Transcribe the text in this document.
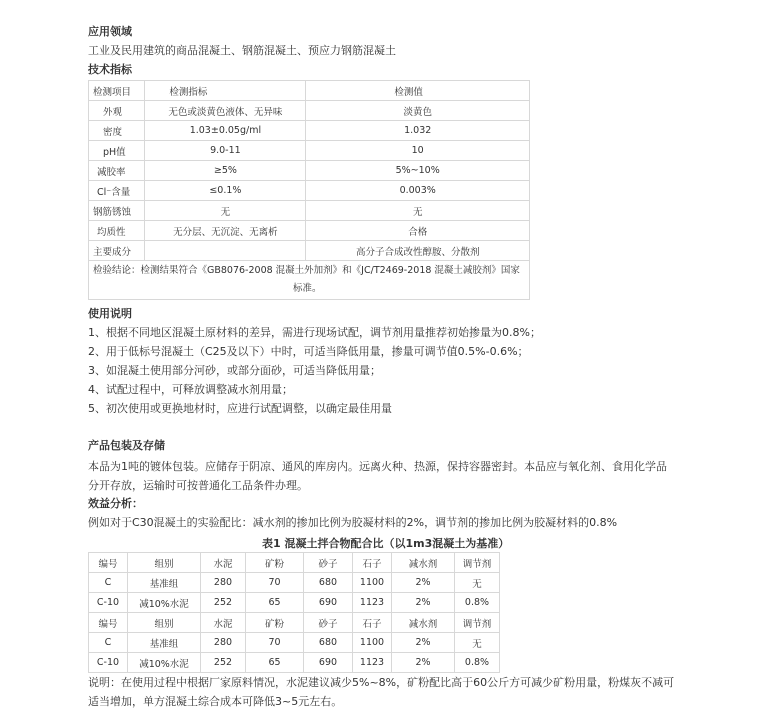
应用领域
工业及民用建筑的商品混凝土、钢筋混凝土、预应力钢筋混凝土
技术指标
检测项目	检测指标	检测值
外观	无色或淡黄色液体、无异味	淡黄色
密度	1.03±0.05g/ml	1.032
pH值	9.0-11	10
减胶率	≥5%	5%~10%
Cl⁻含量	≤0.1%	0.003%
钢筋锈蚀	无	无
均质性	无分层、无沉淀、无离析	合格
主要成分		高分子合成改性醇胺、分散剂

检验结论：检测结果符合《GB8076-2008 混凝土外加剂》和《JC/T2469-2018 混凝土减胶剂》国家
标准。		
使用说明
1、根据不同地区混凝土原材料的差异，需进行现场试配，调节剂用量推荐初始掺量为0.8%；
2、用于低标号混凝土（C25及以下）中时，可适当降低用量，掺量可调节值0.5%-0.6%；
3、如混凝土使用部分河砂，或部分面砂，可适当降低用量；
4、试配过程中，可释放调整减水剂用量；
5、初次使用或更换地材时，应进行试配调整，以确定最佳用量
产品包装及存储
本品为1吨的镀体包装。应储存于阴凉、通风的库房内。远离火种、热源，保持容器密封。本品应与氧化剂、食用化学品
分开存放，运输时可按普通化工品条件办理。
效益分析：
例如对于C30混凝土的实验配比：减水剂的掺加比例为胶凝材料的2%，调节剂的掺加比例为胶凝材料的0.8%
表1 混凝土拌合物配合比（以1m3混凝土为基准）
编号	组别	水泥	矿粉	砂子	石子	减水剂	调节剂
C	基准组	280	70	680	1100	2%	无
C-10	减10%水泥	252	65	690	1123	2%	0.8%
编号	组别	水泥	矿粉	砂子	石子	减水剂	调节剂
C	基准组	280	70	680	1100	2%	无
C-10	减10%水泥	252	65	690	1123	2%	0.8%
说明：在使用过程中根据厂家原料情况，水泥建议减少5%~8%，矿粉配比高于60公斤方可减少矿粉用量，粉煤灰不减可
适当增加，单方混凝土综合成本可降低3~5元左右。
